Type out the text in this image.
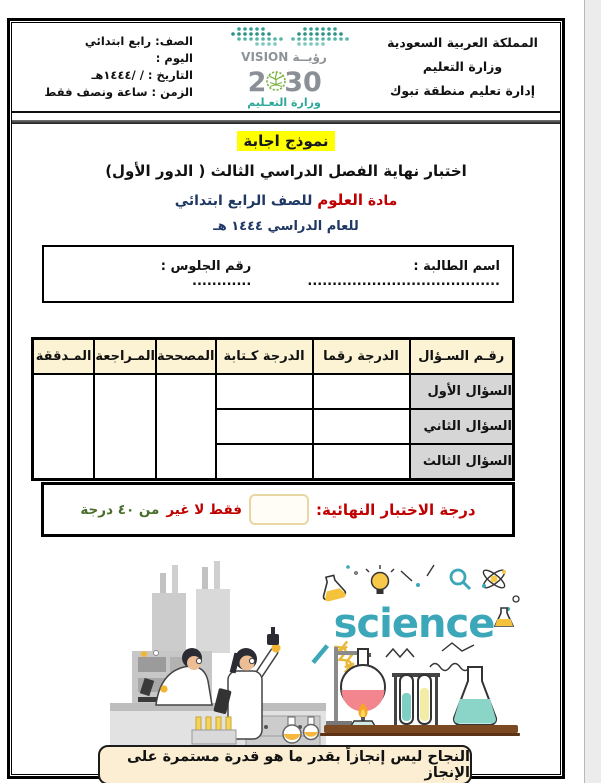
المملكة العربية السعودية
وزارة التعليم
إدارة تعليم منطقة تبوك
رؤيــة VISION
2 30
وزارة التعـليم
الصف: رابع ابتدائي
اليوم :
التاريخ : / /١٤٤٤هـ
الزمن : ساعة ونصف فقط
نموذج اجابة
اختبار نهاية الفصل الدراسي الثالث ( الدور الأول)
مادة العلوم للصف الرابع ابتدائي
للعام الدراسي ١٤٤٤ هـ
اسم الطالبة : .......................................
رقم الجلوس : ............
رقـم السـؤال	الدرجة رقما	الدرجة كـتابة	المصححة	المـراجعة	المـدققة
السؤال الأول					
السؤال الثاني					
السؤال الثالث					
درجة الاختبار النهائية:
فقط لا غير
من ٤٠ درجة
science
النجاح ليس إنجازاً بقدر ما هو قدرة مستمرة على الإنجاز
